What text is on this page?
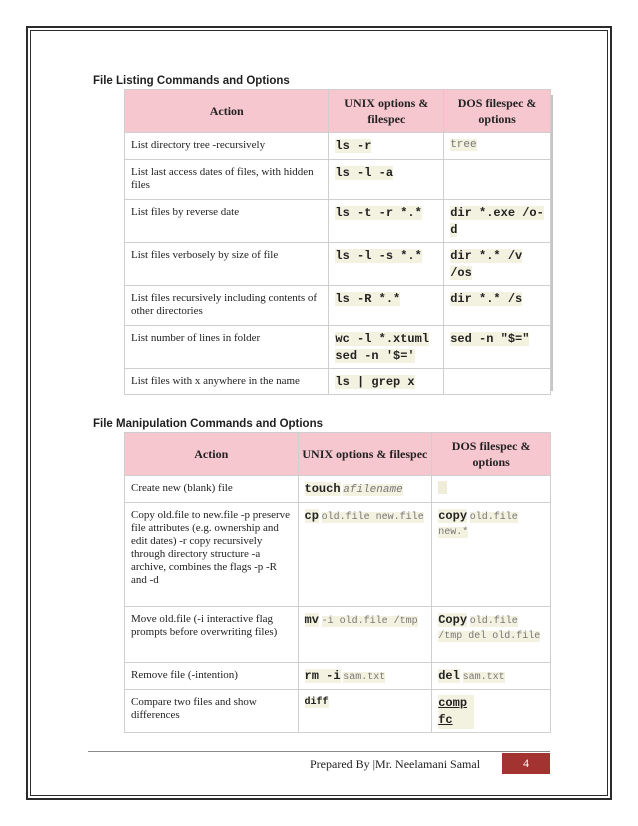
File Listing Commands and Options
Action	UNIX options & filespec	DOS filespec & options
List directory tree -recursively	ls -r	tree
List last access dates of files, with hidden files	ls -l -a	
List files by reverse date	ls -t -r *.*	dir *.exe /o-d
List files verbosely by size of file	ls -l -s *.*	dir *.* /v /os
List files recursively including contents of other directories	ls -R *.*	dir *.* /s
List number of lines in folder	wc -l *.xtuml sed -n '$='	sed -n "$="
List files with x anywhere in the name	ls | grep x	
File Manipulation Commands and Options
Action	UNIX options & filespec	DOS filespec & options
Create new (blank) file	touch afilename	
Copy old.file to new.file -p preserve file attributes (e.g. ownership and edit dates) -r copy recursively through directory structure -a archive, combines the flags -p -R and -d	cp old.file new.file	copy old.file new.*
Move old.file (-i interactive flag prompts before overwriting files)	mv -i old.file /tmp	Copy old.file /tmp del old.file
Remove file (-intention)	rm -i sam.txt	del sam.txt
Compare two files and show differences	diff	comp fc
Prepared By |Mr. Neelamani Samal	4
